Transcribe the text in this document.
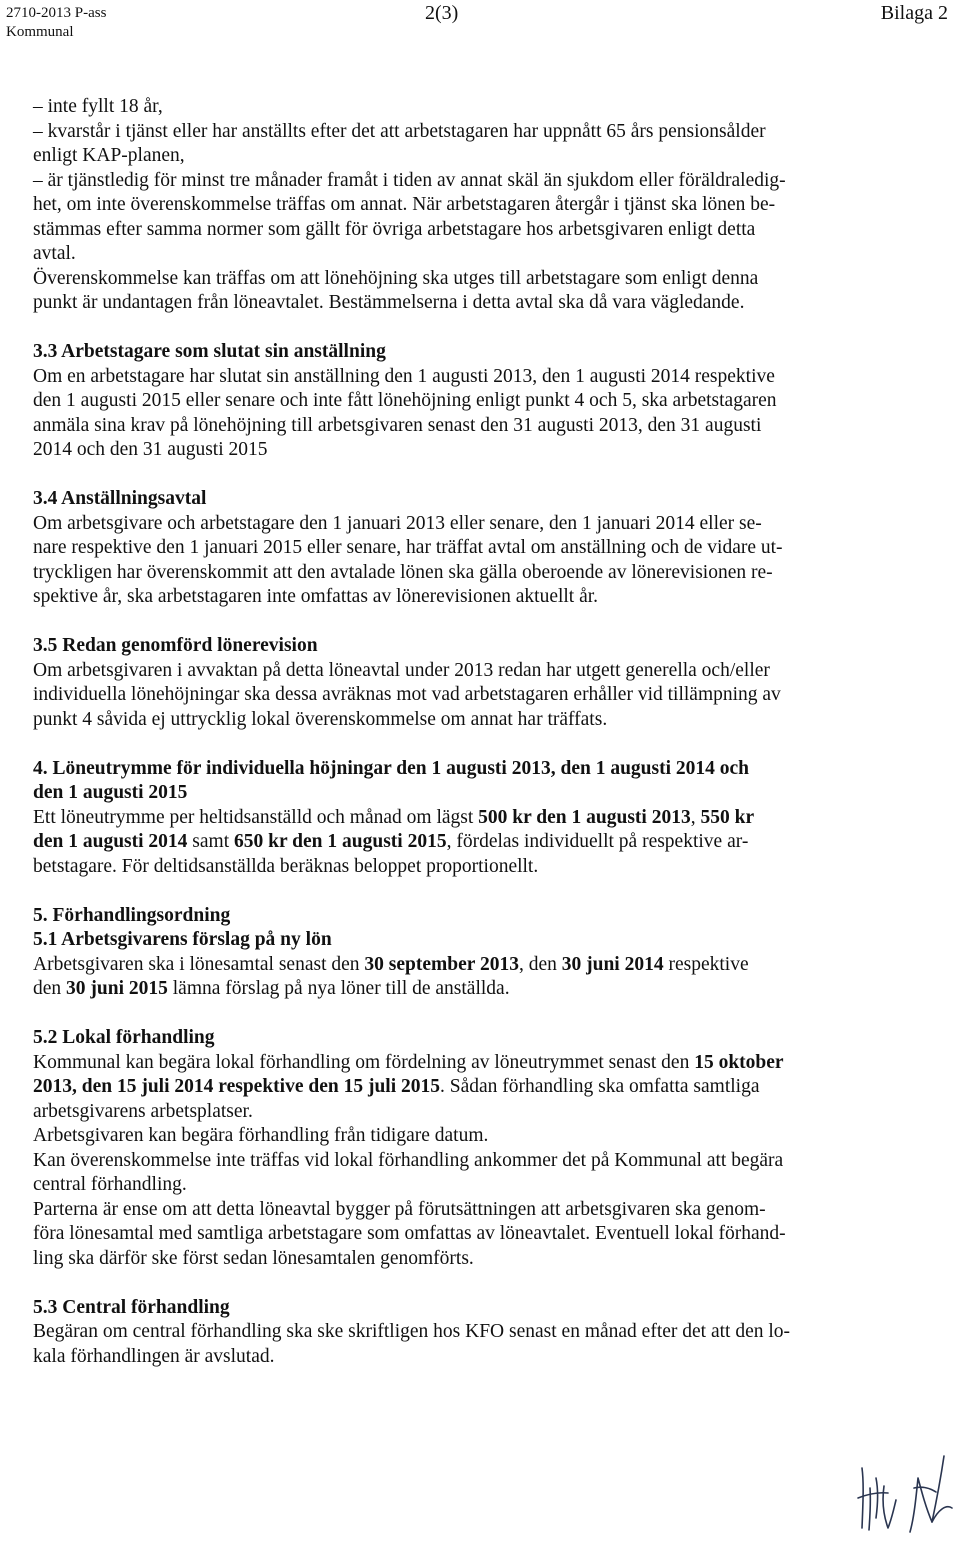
2710-2013 P-ass
Kommunal
2(3)	Bilaga 2
– inte fyllt 18 år,
– kvarstår i tjänst eller har anställts efter det att arbetstagaren har uppnått 65 års pensionsålder
enligt KAP-planen,
– är tjänstledig för minst tre månader framåt i tiden av annat skäl än sjukdom eller föräldraledig-
het, om inte överenskommelse träffas om annat. När arbetstagaren återgår i tjänst ska lönen be-
stämmas efter samma normer som gällt för övriga arbetstagare hos arbetsgivaren enligt detta
avtal.
Överenskommelse kan träffas om att lönehöjning ska utges till arbetstagare som enligt denna
punkt är undantagen från löneavtalet. Bestämmelserna i detta avtal ska då vara vägledande.
3.3 Arbetstagare som slutat sin anställning
Om en arbetstagare har slutat sin anställning den 1 augusti 2013, den 1 augusti 2014 respektive
den 1 augusti 2015 eller senare och inte fått lönehöjning enligt punkt 4 och 5, ska arbetstagaren
anmäla sina krav på lönehöjning till arbetsgivaren senast den 31 augusti 2013, den 31 augusti
2014 och den 31 augusti 2015
3.4 Anställningsavtal
Om arbetsgivare och arbetstagare den 1 januari 2013 eller senare, den 1 januari 2014 eller se-
nare respektive den 1 januari 2015 eller senare, har träffat avtal om anställning och de vidare ut-
tryckligen har överenskommit att den avtalade lönen ska gälla oberoende av lönerevisionen re-
spektive år, ska arbetstagaren inte omfattas av lönerevisionen aktuellt år.
3.5 Redan genomförd lönerevision
Om arbetsgivaren i avvaktan på detta löneavtal under 2013 redan har utgett generella och/eller
individuella lönehöjningar ska dessa avräknas mot vad arbetstagaren erhåller vid tillämpning av
punkt 4 såvida ej uttrycklig lokal överenskommelse om annat har träffats.
4. Löneutrymme för individuella höjningar den 1 augusti 2013, den 1 augusti 2014 och
den 1 augusti 2015
Ett löneutrymme per heltidsanställd och månad om lägst 500 kr den 1 augusti 2013, 550 kr
den 1 augusti 2014 samt 650 kr den 1 augusti 2015, fördelas individuellt på respektive ar-
betstagare. För deltidsanställda beräknas beloppet proportionellt.
5. Förhandlingsordning
5.1 Arbetsgivarens förslag på ny lön
Arbetsgivaren ska i lönesamtal senast den 30 september 2013, den 30 juni 2014 respektive
den 30 juni 2015 lämna förslag på nya löner till de anställda.
5.2 Lokal förhandling
Kommunal kan begära lokal förhandling om fördelning av löneutrymmet senast den 15 oktober
2013, den 15 juli 2014 respektive den 15 juli 2015. Sådan förhandling ska omfatta samtliga
arbetsgivarens arbetsplatser.
Arbetsgivaren kan begära förhandling från tidigare datum.
Kan överenskommelse inte träffas vid lokal förhandling ankommer det på Kommunal att begära
central förhandling.
Parterna är ense om att detta löneavtal bygger på förutsättningen att arbetsgivaren ska genom-
föra lönesamtal med samtliga arbetstagare som omfattas av löneavtalet. Eventuell lokal förhand-
ling ska därför ske först sedan lönesamtalen genomförts.
5.3 Central förhandling
Begäran om central förhandling ska ske skriftligen hos KFO senast en månad efter det att den lo-
kala förhandlingen är avslutad.
